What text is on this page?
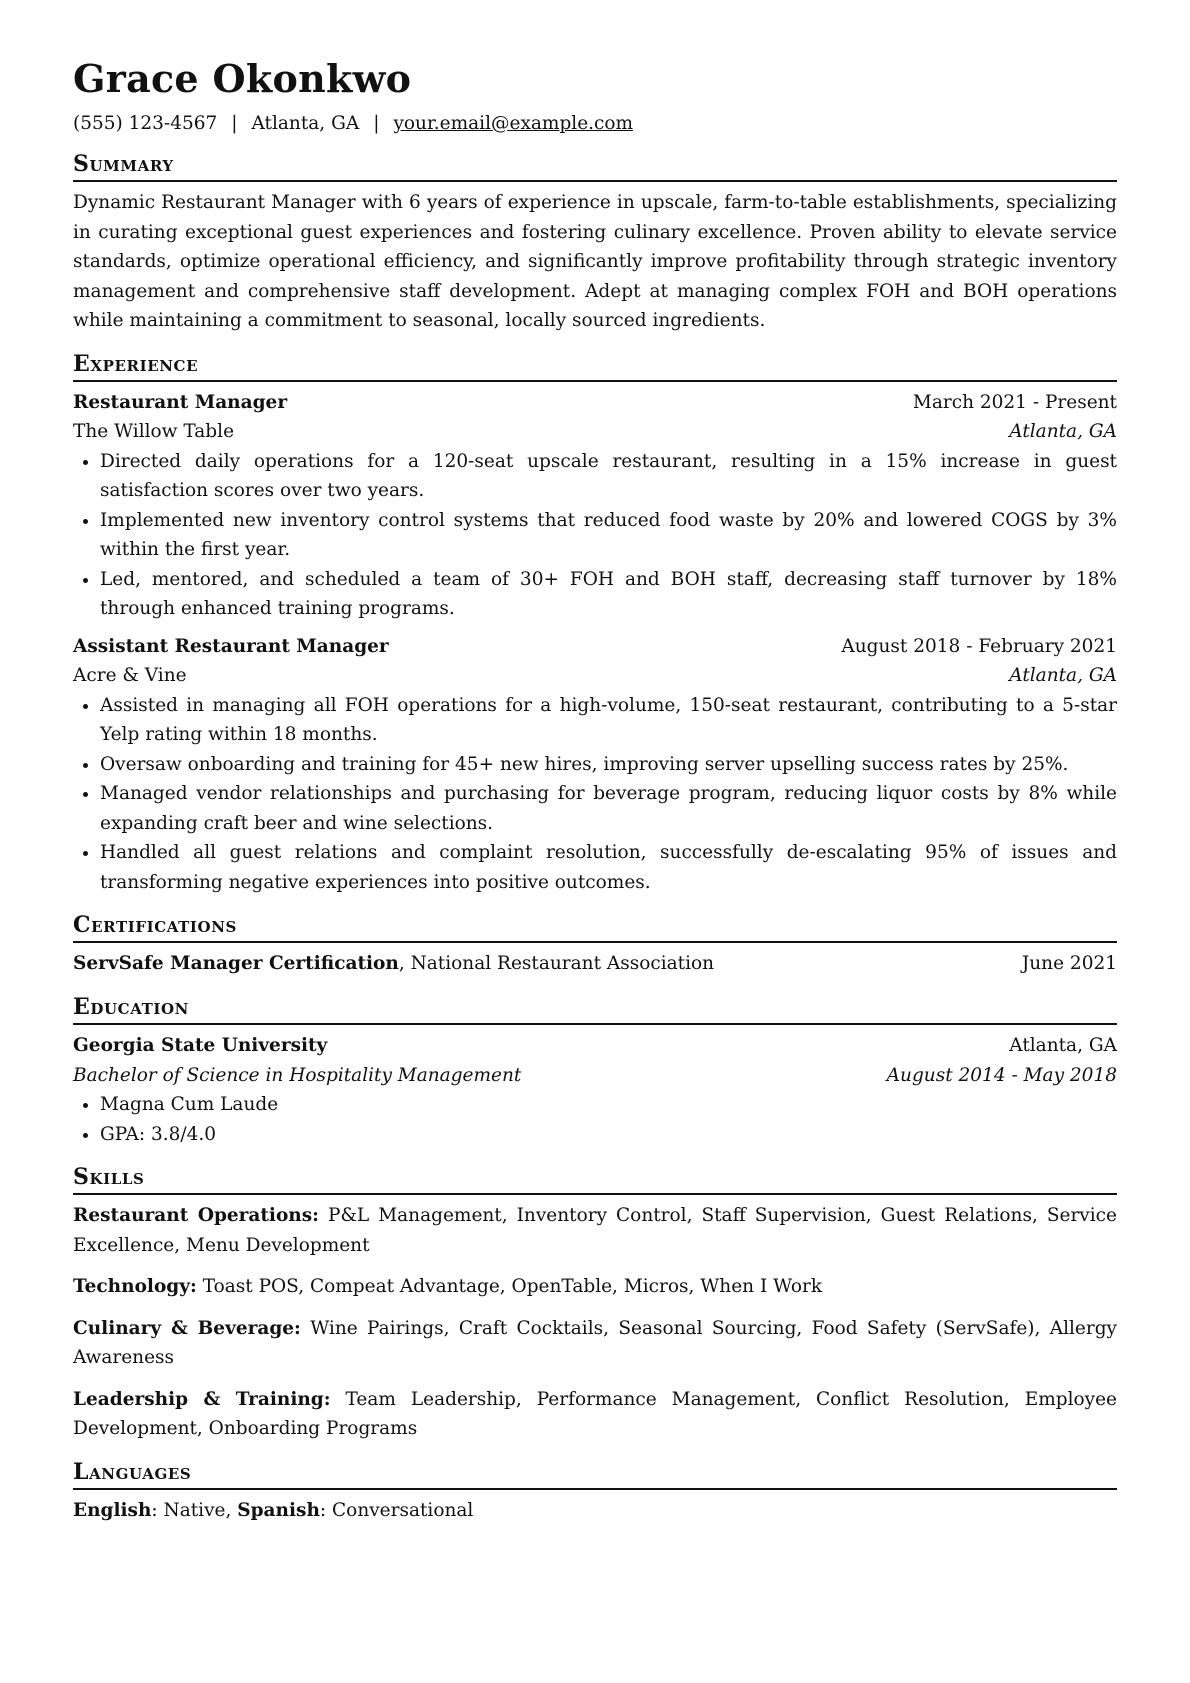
Grace Okonkwo
(555) 123-4567 | Atlanta, GA | your.email@example.com
Summary

Dynamic Restaurant Manager with 6 years of experience in upscale, farm-to-table establishments, specializing in curating exceptional guest experiences and fostering culinary excellence. Proven ability to elevate service standards, optimize operational efficiency, and significantly improve profitability through strategic inventory management and comprehensive staff development. Adept at managing complex FOH and BOH operations while maintaining a commitment to seasonal, locally sourced ingredients.

Experience
Restaurant Manager	March 2021 - Present
The Willow Table	Atlanta, GA
• Directed daily operations for a 120-seat upscale restaurant, resulting in a 15% increase in guest satisfaction scores over two years.
• Implemented new inventory control systems that reduced food waste by 20% and lowered COGS by 3% within the first year.
• Led, mentored, and scheduled a team of 30+ FOH and BOH staff, decreasing staff turnover by 18% through enhanced training programs.
Assistant Restaurant Manager	August 2018 - February 2021
Acre & Vine	Atlanta, GA
• Assisted in managing all FOH operations for a high-volume, 150-seat restaurant, contributing to a 5-star Yelp rating within 18 months.
• Oversaw onboarding and training for 45+ new hires, improving server upselling success rates by 25%.
• Managed vendor relationships and purchasing for beverage program, reducing liquor costs by 8% while expanding craft beer and wine selections.
• Handled all guest relations and complaint resolution, successfully de-escalating 95% of issues and transforming negative experiences into positive outcomes.
Certifications
ServSafe Manager Certification, National Restaurant Association	June 2021
Education
Georgia State University	Atlanta, GA
Bachelor of Science in Hospitality Management	August 2014 - May 2018
• Magna Cum Laude
• GPA: 3.8/4.0
Skills

Restaurant Operations: P&L Management, Inventory Control, Staff Supervision, Guest Relations, Service Excellence, Menu Development

Technology: Toast POS, Compeat Advantage, OpenTable, Micros, When I Work

Culinary & Beverage: Wine Pairings, Craft Cocktails, Seasonal Sourcing, Food Safety (ServSafe), Allergy Awareness

Leadership & Training: Team Leadership, Performance Management, Conflict Resolution, Employee Development, Onboarding Programs

Languages

English: Native, Spanish: Conversational
